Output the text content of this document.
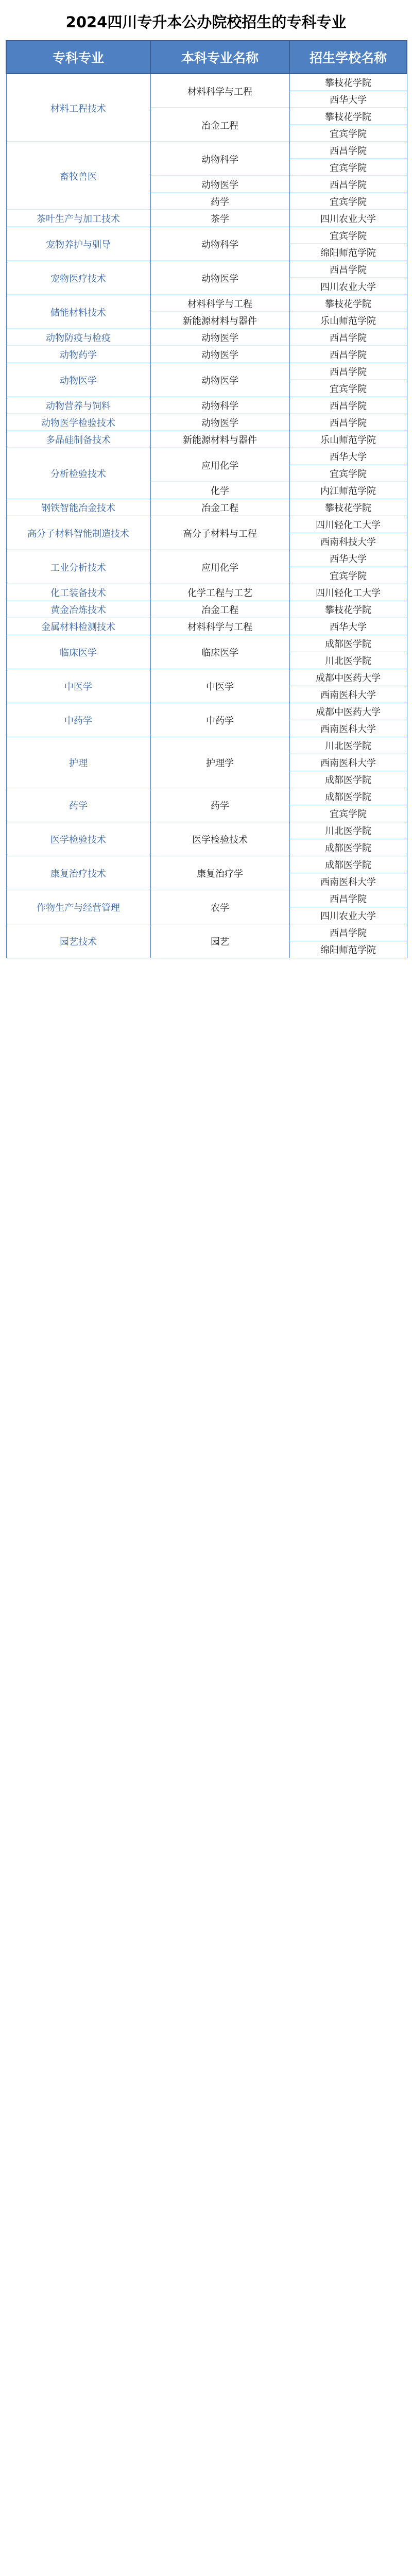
2024四川专升本公办院校招生的专科专业
专科专业	本科专业名称	招生学校名称
材料工程技术	材料科学与工程	攀枝花学院
		西华大学
	冶金工程	攀枝花学院
		宜宾学院
畜牧兽医	动物科学	西昌学院
		宜宾学院
	动物医学	西昌学院
	药学	宜宾学院
茶叶生产与加工技术	茶学	四川农业大学
宠物养护与驯导	动物科学	宜宾学院
		绵阳师范学院
宠物医疗技术	动物医学	西昌学院
		四川农业大学
储能材料技术	材料科学与工程	攀枝花学院
	新能源材料与器件	乐山师范学院
动物防疫与检疫	动物医学	西昌学院
动物药学	动物医学	西昌学院
动物医学	动物医学	西昌学院
		宜宾学院
动物营养与饲料	动物科学	西昌学院
动物医学检验技术	动物医学	西昌学院
多晶硅制备技术	新能源材料与器件	乐山师范学院
分析检验技术	应用化学	西华大学
		宜宾学院
	化学	内江师范学院
钢铁智能冶金技术	冶金工程	攀枝花学院
高分子材料智能制造技术	高分子材料与工程	四川轻化工大学
		西南科技大学
工业分析技术	应用化学	西华大学
		宜宾学院
化工装备技术	化学工程与工艺	四川轻化工大学
黄金冶炼技术	冶金工程	攀枝花学院
金属材料检测技术	材料科学与工程	西华大学
临床医学	临床医学	成都医学院
		川北医学院
中医学	中医学	成都中医药大学
		西南医科大学
中药学	中药学	成都中医药大学
		西南医科大学
护理	护理学	川北医学院
		西南医科大学
		成都医学院
药学	药学	成都医学院
		宜宾学院
医学检验技术	医学检验技术	川北医学院
		成都医学院
康复治疗技术	康复治疗学	成都医学院
		西南医科大学
作物生产与经营管理	农学	西昌学院
		四川农业大学
园艺技术	园艺	西昌学院
		绵阳师范学院
